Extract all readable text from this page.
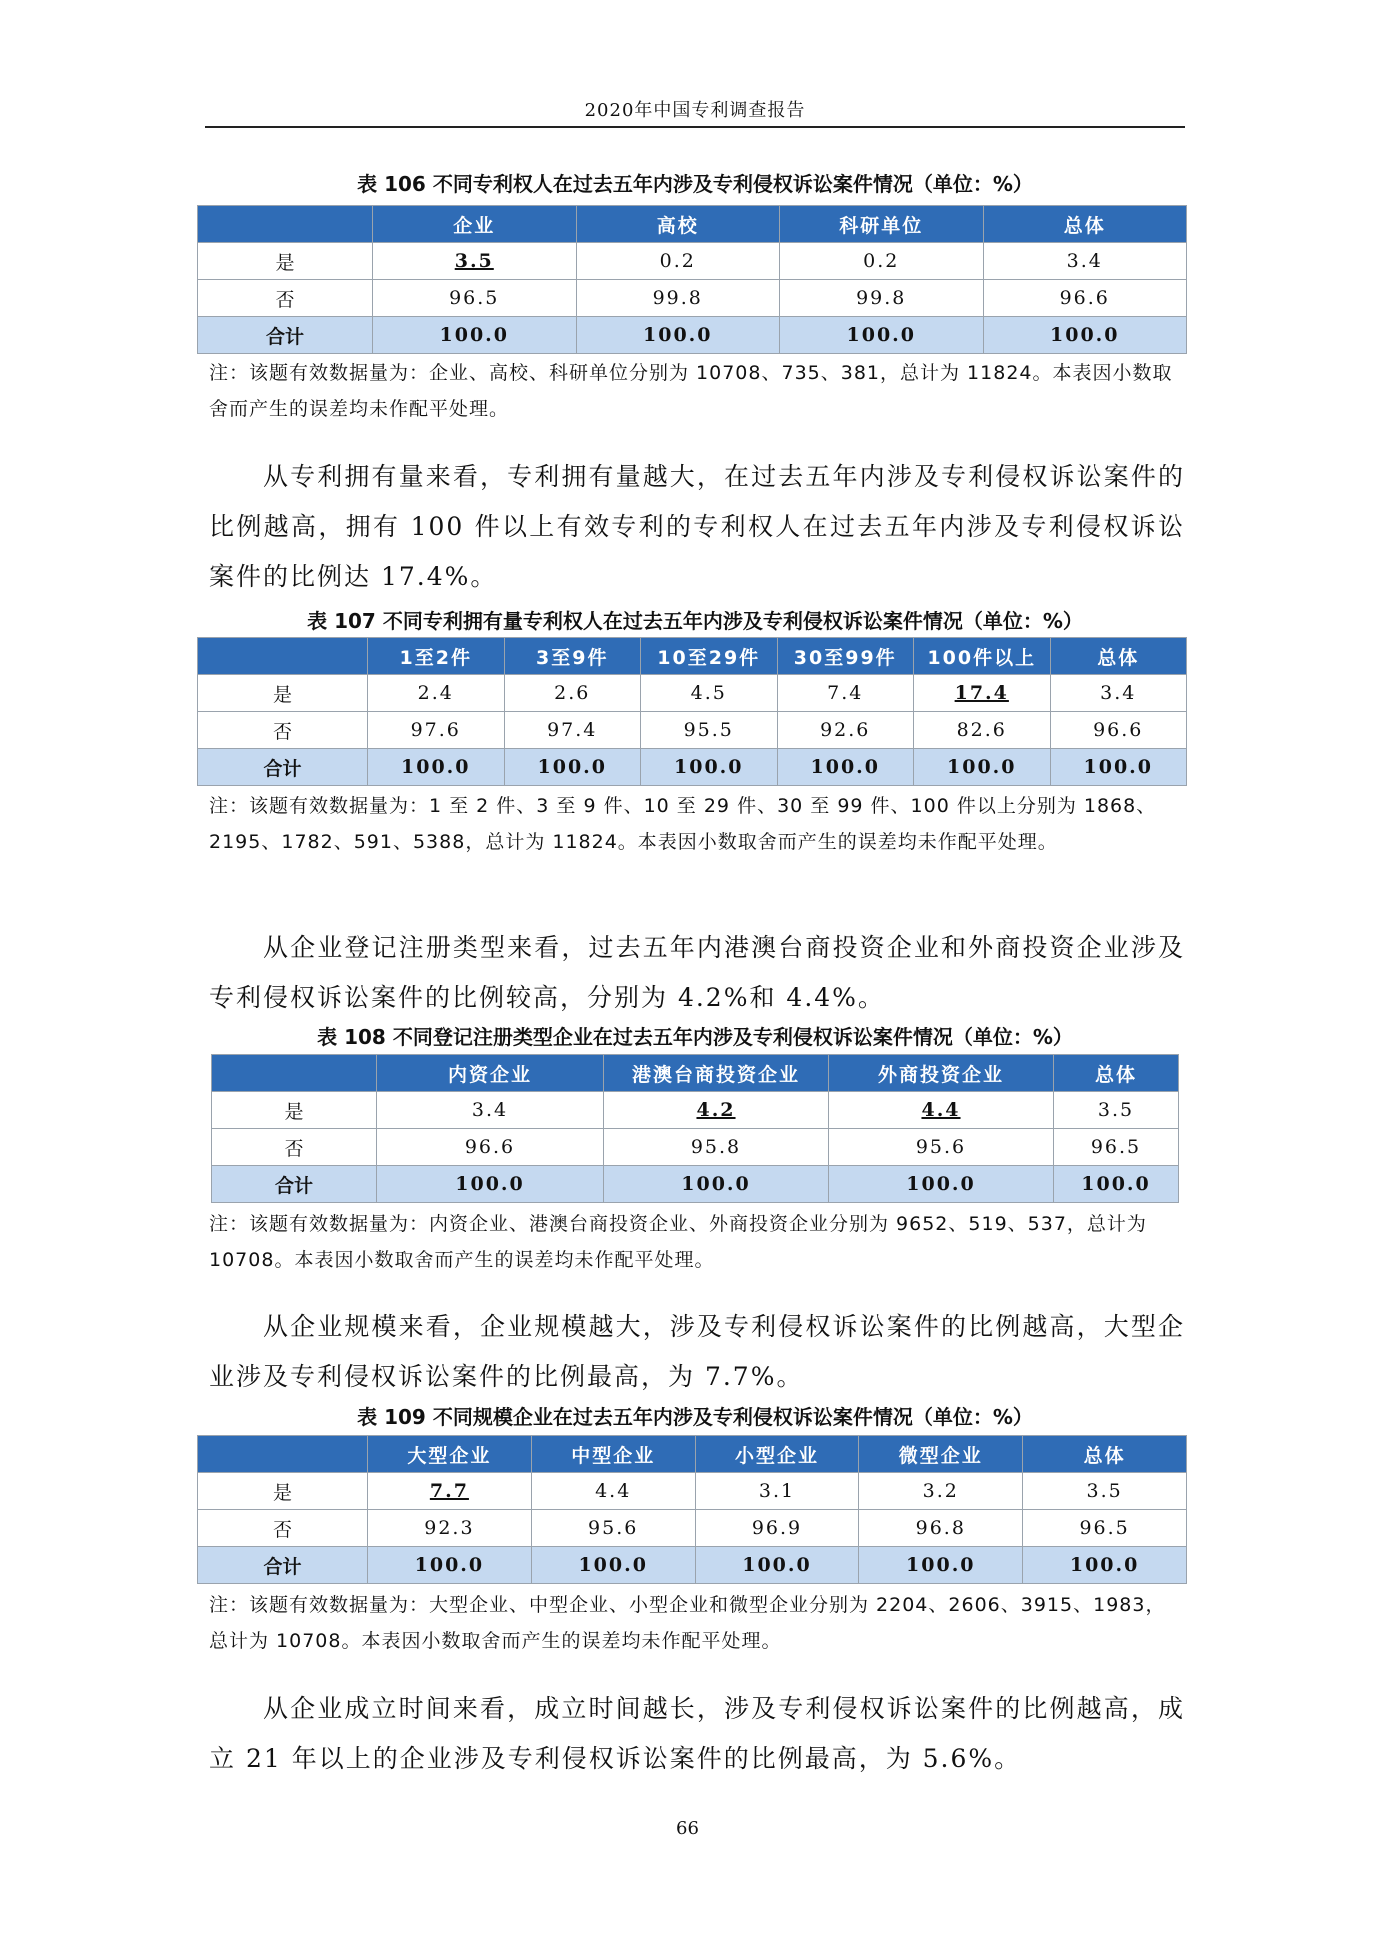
2020年中国专利调查报告
表 106 不同专利权人在过去五年内涉及专利侵权诉讼案件情况（单位：%）
	企业	高校	科研单位	总体
是	3.5	0.2	0.2	3.4
否	96.5	99.8	99.8	96.6
合计	100.0	100.0	100.0	100.0
注：该题有效数据量为：企业、高校、科研单位分别为 10708、735、381，总计为 11824。本表因小数取舍而产生的误差均未作配平处理。
从专利拥有量来看，专利拥有量越大，在过去五年内涉及专利侵权诉讼案件的比例越高，拥有 100 件以上有效专利的专利权人在过去五年内涉及专利侵权诉讼案件的比例达 17.4%。
表 107 不同专利拥有量专利权人在过去五年内涉及专利侵权诉讼案件情况（单位：%）
	1至2件	3至9件	10至29件	30至99件	100件以上	总体
是	2.4	2.6	4.5	7.4	17.4	3.4
否	97.6	97.4	95.5	92.6	82.6	96.6
合计	100.0	100.0	100.0	100.0	100.0	100.0
注：该题有效数据量为：1 至 2 件、3 至 9 件、10 至 29 件、30 至 99 件、100 件以上分别为 1868、2195、1782、591、5388，总计为 11824。本表因小数取舍而产生的误差均未作配平处理。
从企业登记注册类型来看，过去五年内港澳台商投资企业和外商投资企业涉及专利侵权诉讼案件的比例较高，分别为 4.2%和 4.4%。
表 108 不同登记注册类型企业在过去五年内涉及专利侵权诉讼案件情况（单位：%）
	内资企业	港澳台商投资企业	外商投资企业	总体
是	3.4	4.2	4.4	3.5
否	96.6	95.8	95.6	96.5
合计	100.0	100.0	100.0	100.0
注：该题有效数据量为：内资企业、港澳台商投资企业、外商投资企业分别为 9652、519、537，总计为 10708。本表因小数取舍而产生的误差均未作配平处理。
从企业规模来看，企业规模越大，涉及专利侵权诉讼案件的比例越高，大型企业涉及专利侵权诉讼案件的比例最高，为 7.7%。
表 109 不同规模企业在过去五年内涉及专利侵权诉讼案件情况（单位：%）
	大型企业	中型企业	小型企业	微型企业	总体
是	7.7	4.4	3.1	3.2	3.5
否	92.3	95.6	96.9	96.8	96.5
合计	100.0	100.0	100.0	100.0	100.0
注：该题有效数据量为：大型企业、中型企业、小型企业和微型企业分别为 2204、2606、3915、1983，总计为 10708。本表因小数取舍而产生的误差均未作配平处理。
从企业成立时间来看，成立时间越长，涉及专利侵权诉讼案件的比例越高，成立 21 年以上的企业涉及专利侵权诉讼案件的比例最高，为 5.6%。
66
